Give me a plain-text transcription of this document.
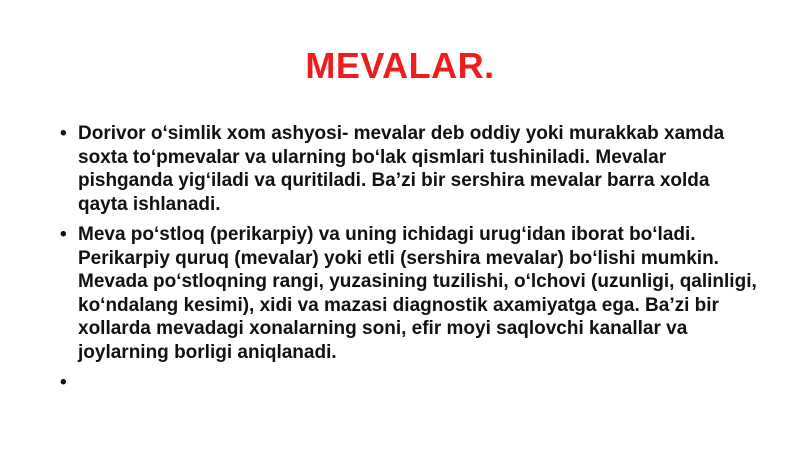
MEVALAR.
• Dorivor oʻsimlik xom ashyosi- mevalar deb oddiy yoki murakkab xamda soxta toʻpmevalar va ularning boʻlak qismlari tushiniladi. Mevalar pishganda yigʻiladi va quritiladi. Baʼzi bir sershira mevalar barra xolda qayta ishlanadi.
• Meva poʻstloq (perikarpiy) va uning ichidagi urugʻidan iborat boʻladi. Perikarpiy quruq (mevalar) yoki etli (sershira mevalar) boʻlishi mumkin. Mevada poʻstloqning rangi, yuzasining tuzilishi, oʻlchovi (uzunligi, qalinligi, koʻndalang kesimi), xidi va mazasi diagnostik axamiyatga ega. Baʼzi bir xollarda mevadagi xonalarning soni, efir moyi saqlovchi kanallar va joylarning borligi aniqlanadi.
•
